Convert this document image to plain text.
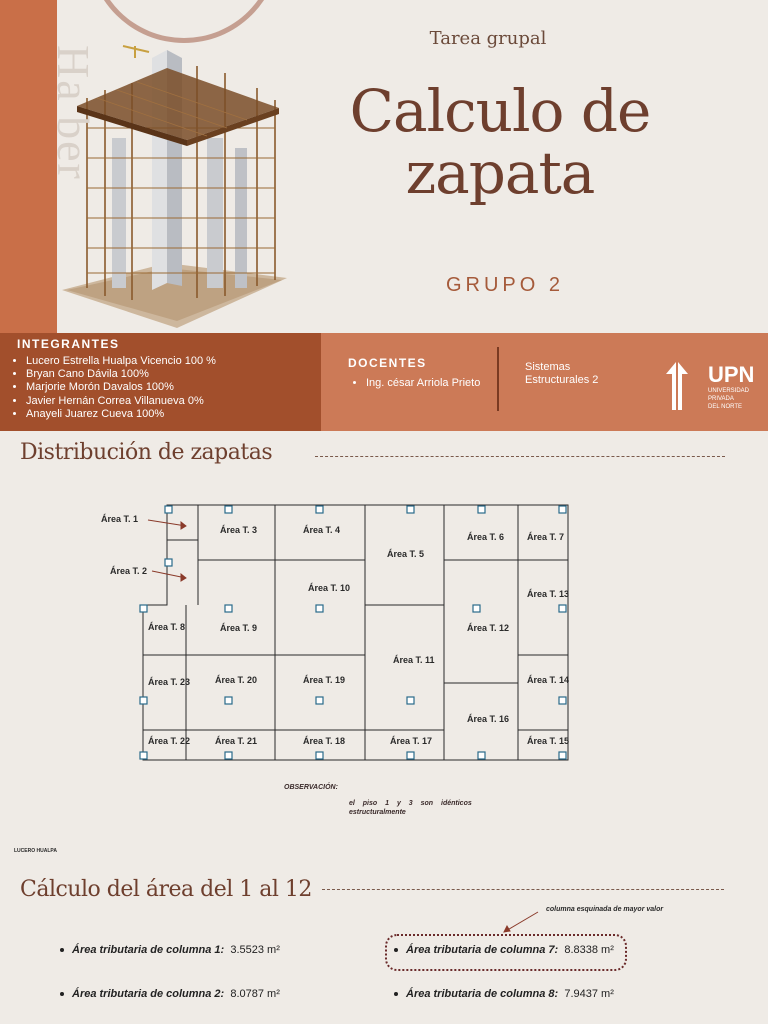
Ha ber
Tarea grupal
Calculo de
zapata
GRUPO 2
INTEGRANTES
• Lucero Estrella Hualpa Vicencio 100 %
• Bryan Cano Dávila 100%
• Marjorie Morón Davalos 100%
• Javier Hernán Correa Villanueva 0%
• Anayeli Juarez Cueva 100%
DOCENTES
• Ing. césar Arriola Prieto
Sistemas
Estructurales 2	UPN
UNIVERSIDAD
PRIVADA
DEL NORTE
Distribución de zapatas
Área T. 1
Área T. 2
Área T. 3	Área T. 4
Área T. 5
Área T. 6	Área T. 7
Área T. 8	Área T. 9
Área T. 10
Área T. 11
Área T. 12
Área T. 13
Área T. 14
Área T. 15
Área T. 16
Área T. 17
Área T. 18
Área T. 19
Área T. 20
Área T. 21
Área T. 22
Área T. 23
OBSERVACIÓN:
el piso 1 y 3 son idénticos estructuralmente
LUCERO HUALPA
Cálculo del área del 1 al 12
columna esquinada de mayor valor
Área tributaria de columna 1: 3.5523 m²	Área tributaria de columna 7: 8.8338 m²
Área tributaria de columna 2: 8.0787 m²	Área tributaria de columna 8: 7.9437 m²
